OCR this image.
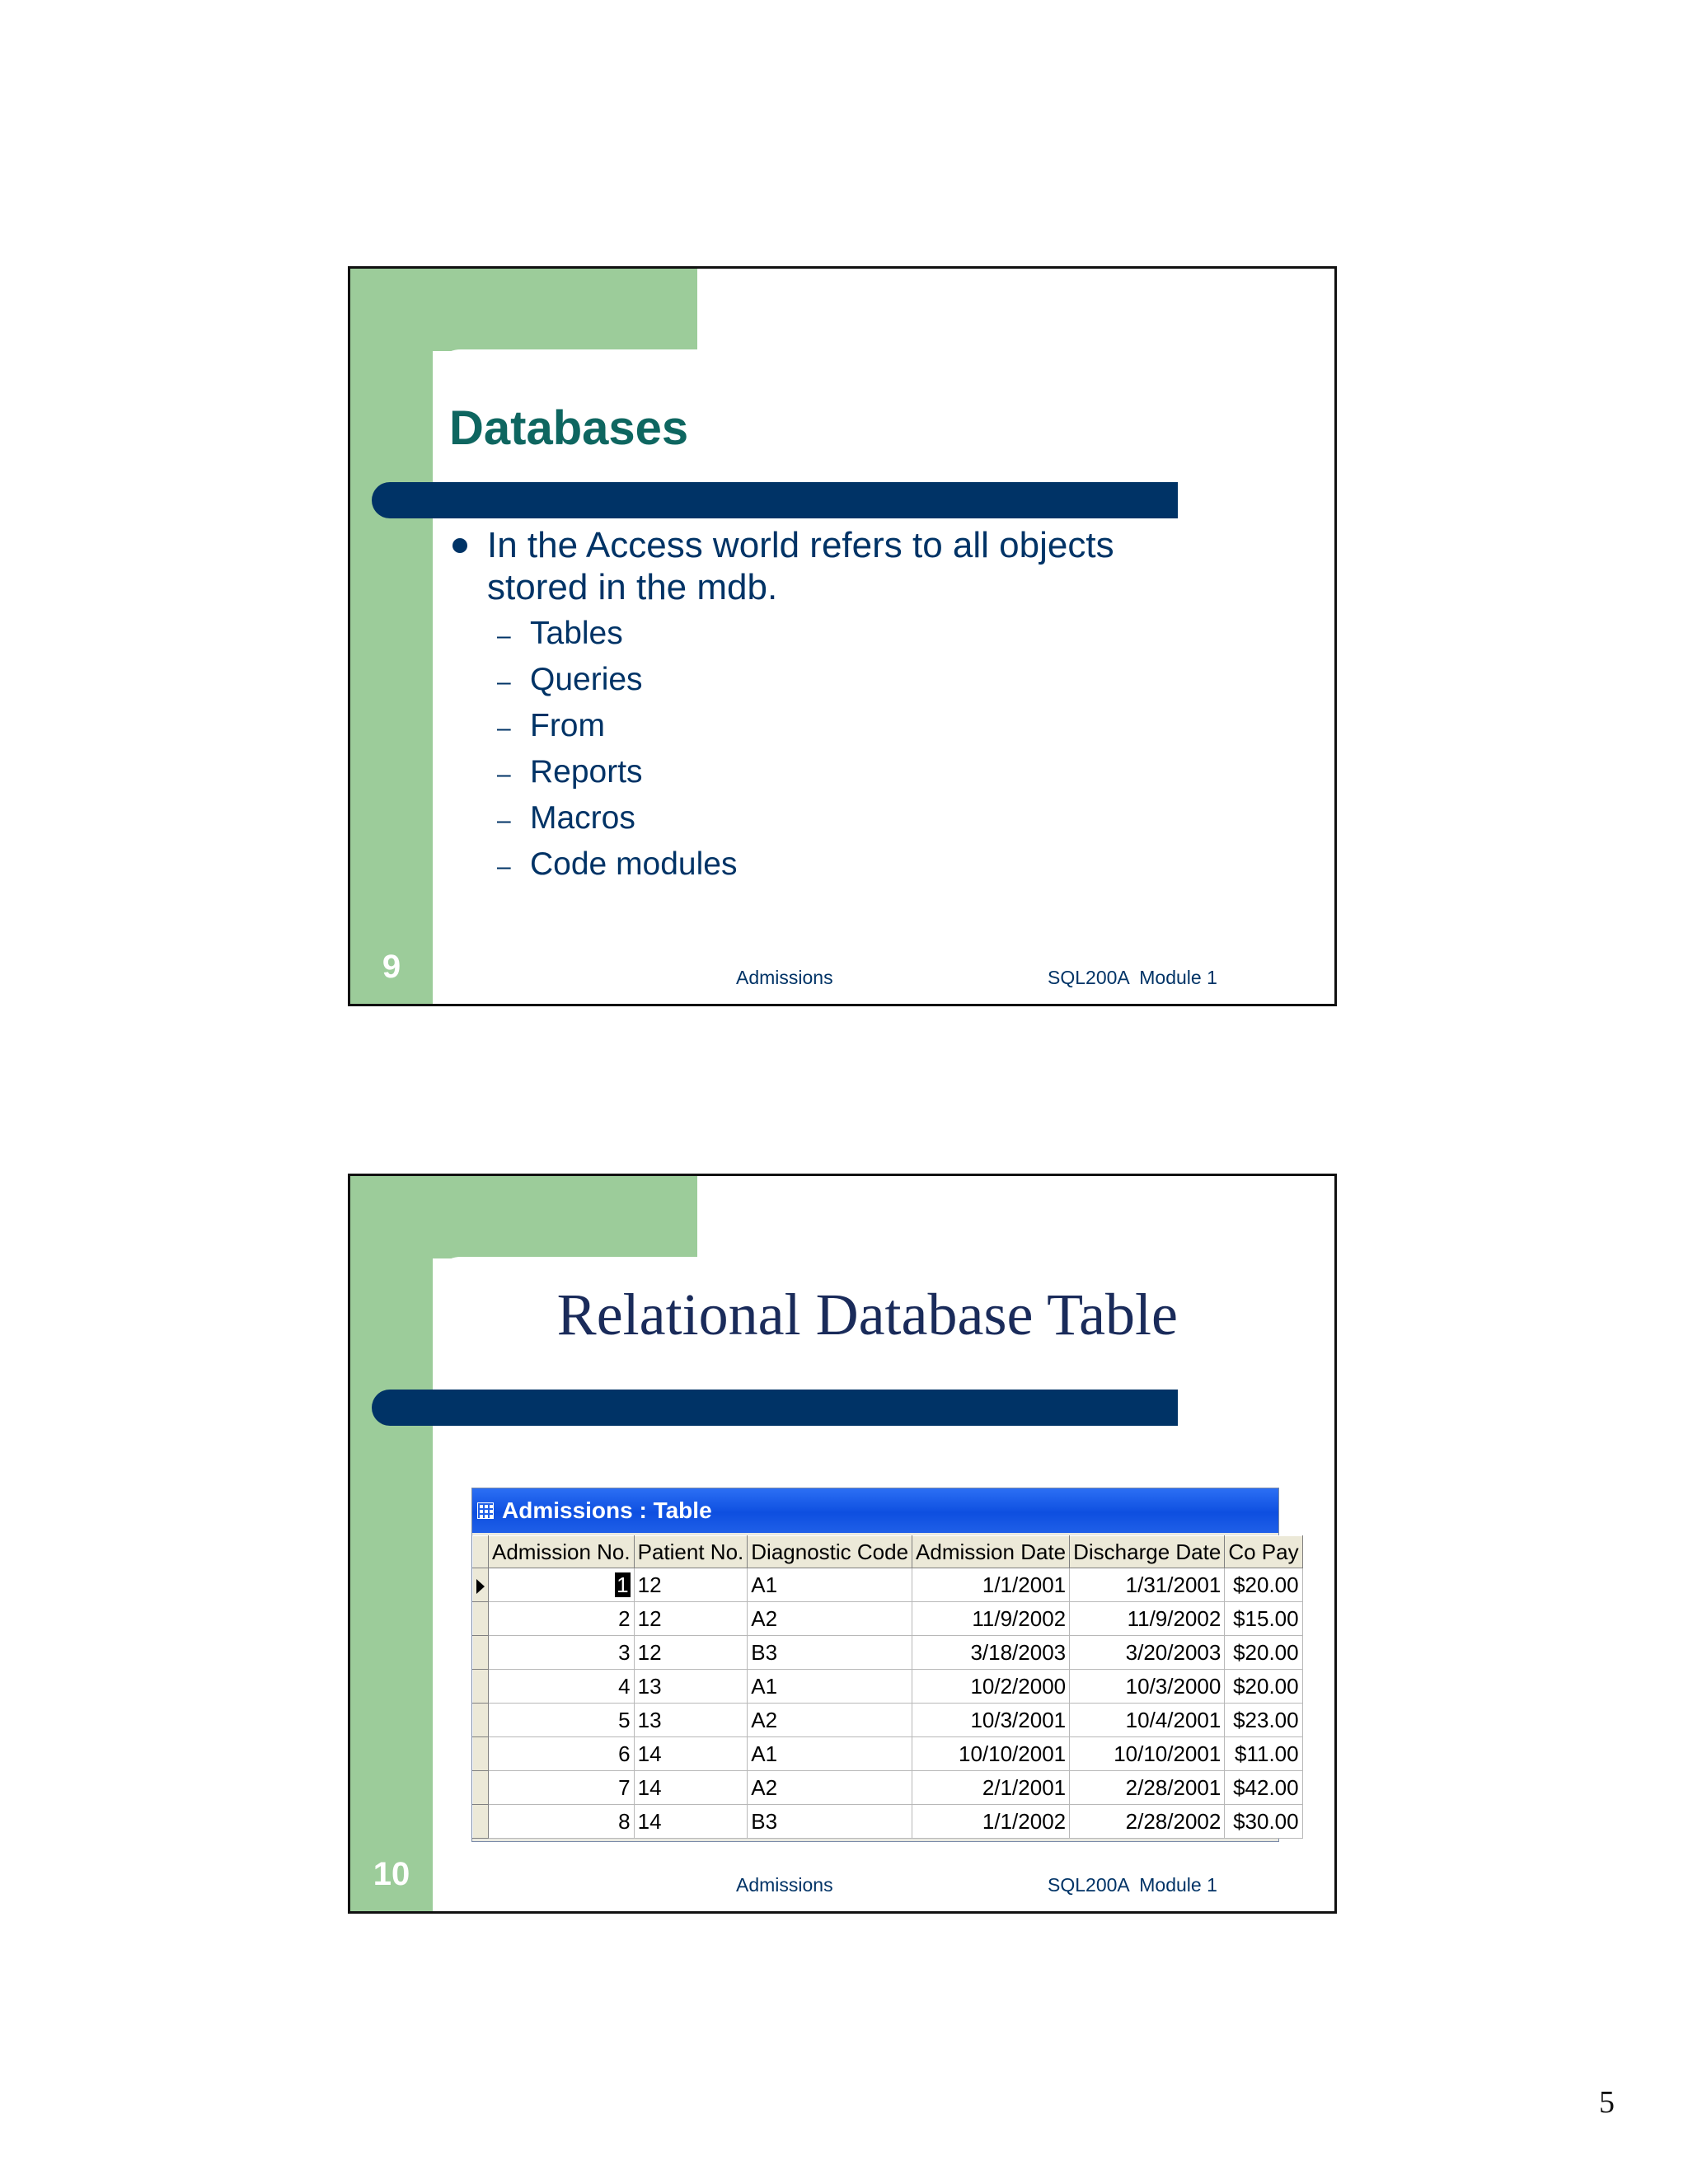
Databases
In the Access world refers to all objects stored in the mdb.
– Tables
– Queries
– From
– Reports
– Macros
– Code modules
9	Admissions	SQL200A  Module 1
Relational Database Table
Admissions : Table
	Admission No.	Patient No.	Diagnostic Code	Admission Date	Discharge Date	Co Pay
	1	12	A1	1/1/2001	1/31/2001	$20.00
	2	12	A2	11/9/2002	11/9/2002	$15.00
	3	12	B3	3/18/2003	3/20/2003	$20.00
	4	13	A1	10/2/2000	10/3/2000	$20.00
	5	13	A2	10/3/2001	10/4/2001	$23.00
	6	14	A1	10/10/2001	10/10/2001	$11.00
	7	14	A2	2/1/2001	2/28/2001	$42.00
	8	14	B3	1/1/2002	2/28/2002	$30.00
10	Admissions	SQL200A  Module 1
5
